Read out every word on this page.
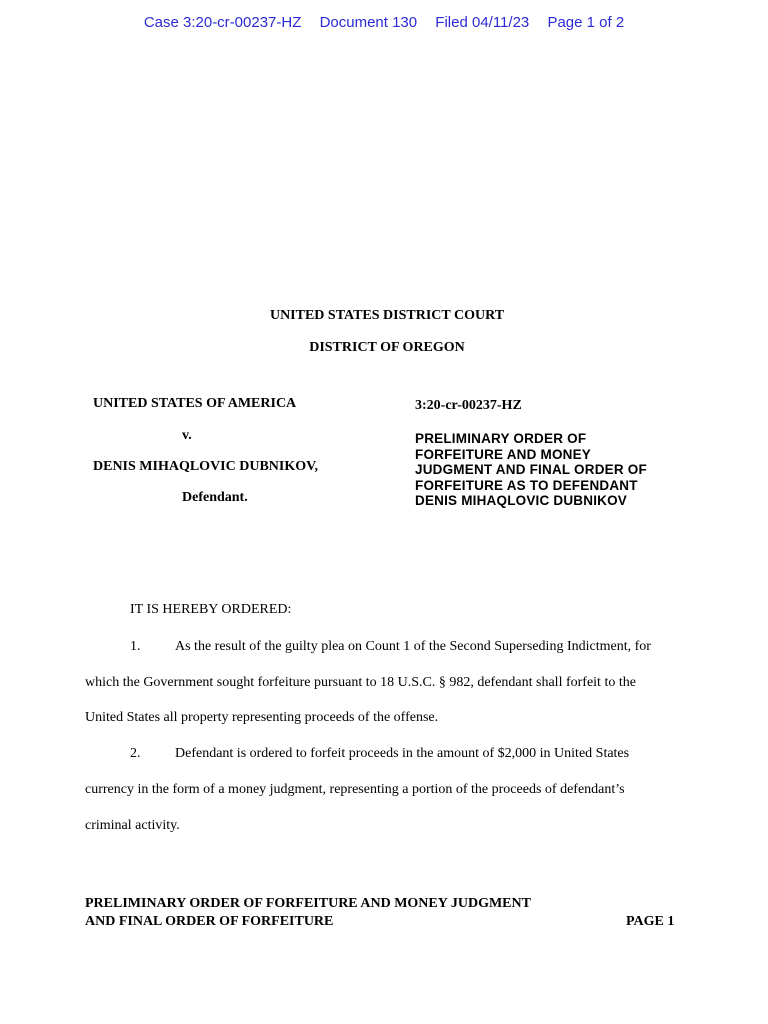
Case 3:20-cr-00237-HZ Document 130 Filed 04/11/23 Page 1 of 2
UNITED STATES DISTRICT COURT
DISTRICT OF OREGON
UNITED STATES OF AMERICA
v.
DENIS MIHAQLOVIC DUBNIKOV,
Defendant.
3:20-cr-00237-HZ
PRELIMINARY ORDER OF
FORFEITURE AND MONEY
JUDGMENT AND FINAL ORDER OF
FORFEITURE AS TO DEFENDANT
DENIS MIHAQLOVIC DUBNIKOV
IT IS HEREBY ORDERED:
1. As the result of the guilty plea on Count 1 of the Second Superseding Indictment, for
which the Government sought forfeiture pursuant to 18 U.S.C. § 982, defendant shall forfeit to the
United States all property representing proceeds of the offense.
2. Defendant is ordered to forfeit proceeds in the amount of $2,000 in United States
currency in the form of a money judgment, representing a portion of the proceeds of defendant’s
criminal activity.
PRELIMINARY ORDER OF FORFEITURE AND MONEY JUDGMENT
AND FINAL ORDER OF FORFEITURE	PAGE 1
